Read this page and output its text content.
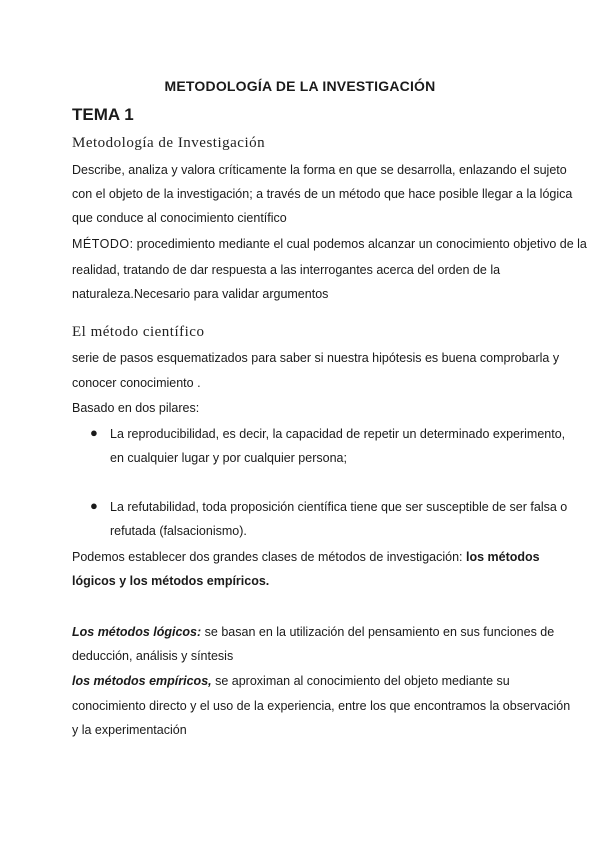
METODOLOGÍA DE LA INVESTIGACIÓN
TEMA 1
Metodología de Investigación
Describe, analiza y valora críticamente la forma en que se desarrolla, enlazando el sujeto
con el objeto de la investigación; a través de un método que hace posible llegar a la lógica
que conduce al conocimiento científico
MÉTODO: procedimiento mediante el cual podemos alcanzar un conocimiento objetivo de la
realidad, tratando de dar respuesta a las interrogantes acerca del orden de la
naturaleza.Necesario para validar argumentos
El método científico
serie de pasos esquematizados para saber si nuestra hipótesis es buena comprobarla y
conocer conocimiento .
Basado en dos pilares:
● La reproducibilidad, es decir, la capacidad de repetir un determinado experimento,
en cualquier lugar y por cualquier persona;
● La refutabilidad, toda proposición científica tiene que ser susceptible de ser falsa o
refutada (falsacionismo).
Podemos establecer dos grandes clases de métodos de investigación: los métodos
lógicos y los métodos empíricos.
Los métodos lógicos: se basan en la utilización del pensamiento en sus funciones de
deducción, análisis y síntesis
los métodos empíricos, se aproximan al conocimiento del objeto mediante su
conocimiento directo y el uso de la experiencia, entre los que encontramos la observación
y la experimentación
